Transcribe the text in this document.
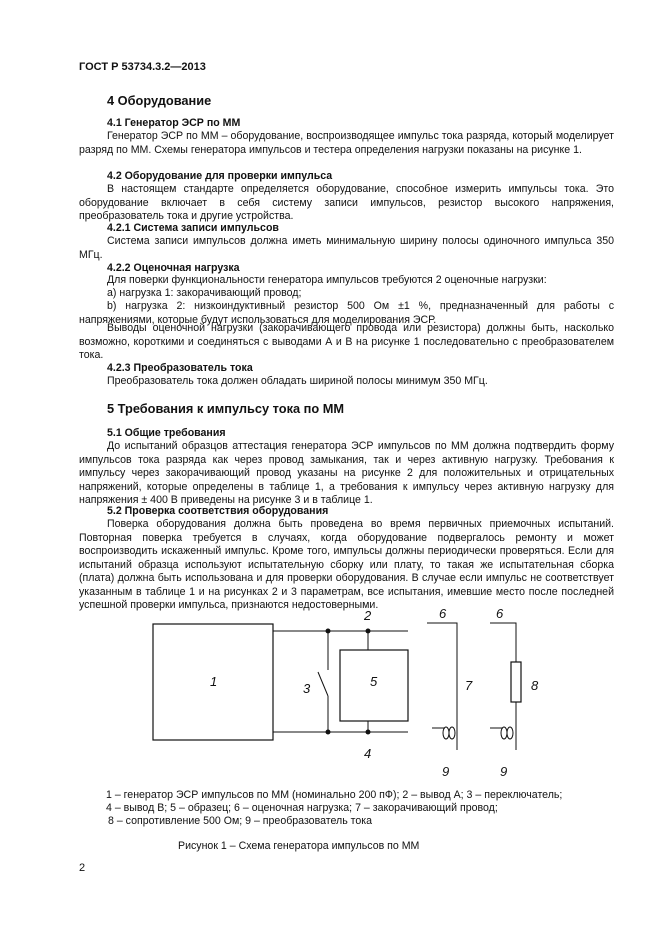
ГОСТ Р 53734.3.2—2013
4 Оборудование
4.1 Генератор ЭСР по ММ

Генератор ЭСР по ММ – оборудование, воспроизводящее импульс тока разряда, который моделирует разряд по ММ. Схемы генератора импульсов и тестера определения нагрузки показаны на рисунке 1.

4.2 Оборудование для проверки импульса

В настоящем стандарте определяется оборудование, способное измерить импульсы тока. Это оборудование включает в себя систему записи импульсов, резистор высокого напряжения, преобразователь тока и другие устройства.

4.2.1 Система записи импульсов

Система записи импульсов должна иметь минимальную ширину полосы одиночного импульса 350 МГц.

4.2.2 Оценочная нагрузка

Для поверки функциональности генератора импульсов требуются 2 оценочные нагрузки:

a) нагрузка 1: закорачивающий провод;

b) нагрузка 2: низкоиндуктивный резистор 500 Ом ±1 %, предназначенный для работы с напряжениями, которые будут использоваться для моделирования ЭСР.

Выводы оценочной нагрузки (закорачивающего провода или резистора) должны быть, насколько возможно, короткими и соединяться с выводами А и В на рисунке 1 последовательно с преобразователем тока.

4.2.3 Преобразователь тока

Преобразователь тока должен обладать шириной полосы минимум 350 МГц.

5 Требования к импульсу тока по ММ
5.1 Общие требования

До испытаний образцов аттестация генератора ЭСР импульсов по ММ должна подтвердить форму импульсов тока разряда как через провод замыкания, так и через активную нагрузку. Требования к импульсу через закорачивающий провод указаны на рисунке 2 для положительных и отрицательных напряжений, которые определены в таблице 1, а требования к импульсу через активную нагрузку для напряжения ± 400 В приведены на рисунке 3 и в таблице 1.

5.2 Проверка соответствия оборудования

Поверка оборудования должна быть проведена во время первичных приемочных испытаний. Повторная поверка требуется в случаях, когда оборудование подвергалось ремонту и может воспроизводить искаженный импульс. Кроме того, импульсы должны периодически проверяться. Если для испытаний образца используют испытательную сборку или плату, то такая же испытательная сборка (плата) должна быть использована и для проверки оборудования. В случае если импульс не соответствует указанным в таблице 1 и на рисунках 2 и 3 параметрам, все испытания, имевшие место после последней успешной проверки импульса, признаются недостоверными.

1
2
3
4
5
6	6
7	8
9	9
1 – генератор ЭСР импульсов по ММ (номинально 200 пФ); 2 – вывод А; 3 – переключатель;
4 – вывод В; 5 – образец; 6 – оценочная нагрузка; 7 – закорачивающий провод;
8 – сопротивление 500 Ом; 9 – преобразователь тока
Рисунок 1 – Схема генератора импульсов по ММ
2
